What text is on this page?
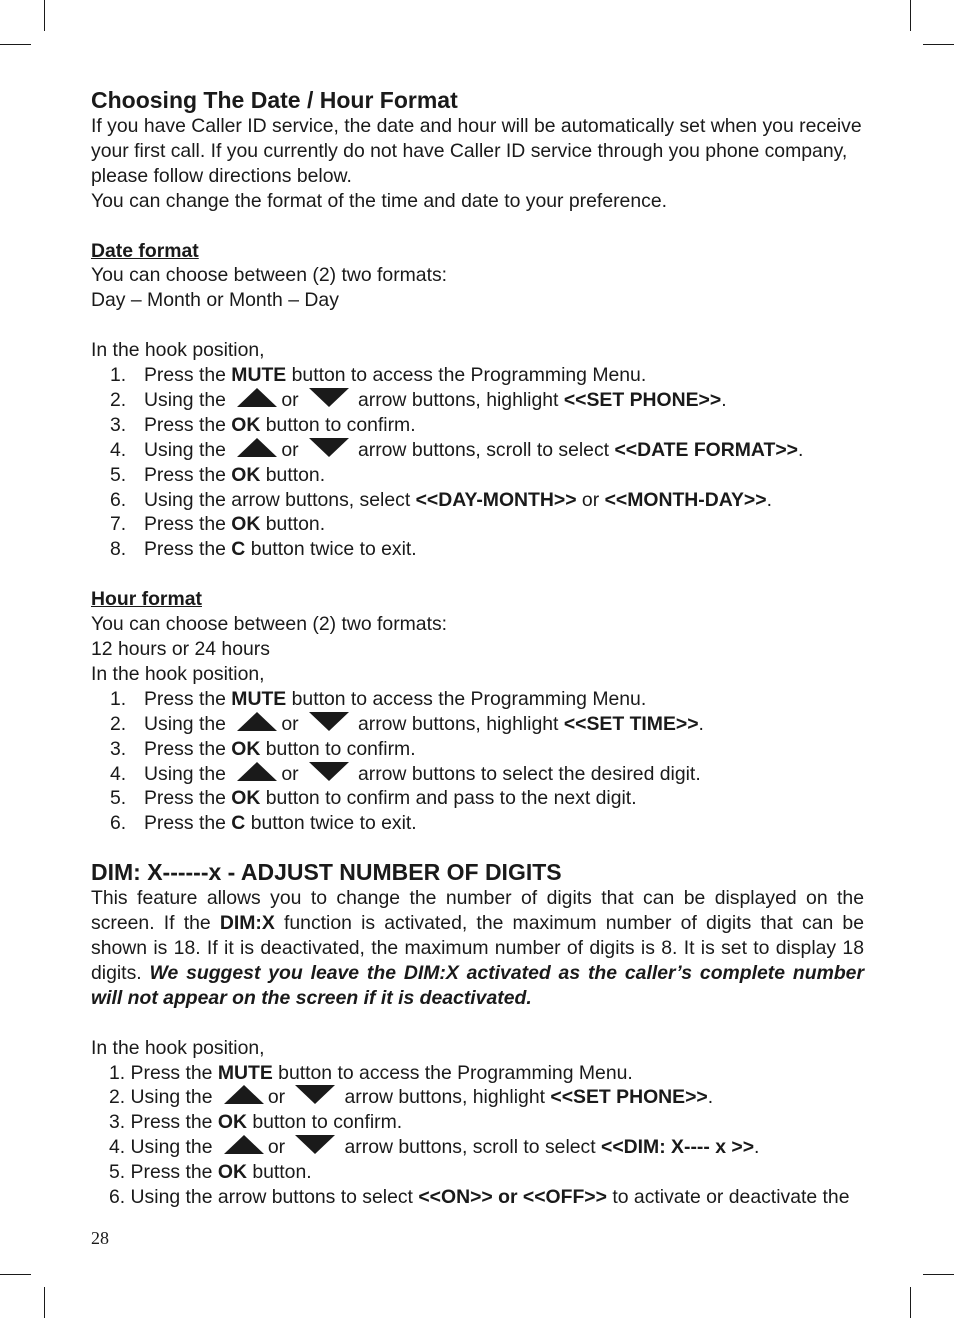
Choosing The Date / Hour Format

If you have Caller ID service, the date and hour will be automatically set when you receive your first call. If you currently do not have Caller ID service through you phone company, please follow directions below.

You can change the format of the time and date to your preference.

Date format
You can choose between (2) two formats:
Day – Month or Month – Day
In the hook position,
1. Press the MUTE button to access the Programming Menu.
2. Using the	or	arrow buttons, highlight <<SET PHONE>>.
3. Press the OK button to confirm.
4. Using the	or	arrow buttons, scroll to select <<DATE FORMAT>>.
5. Press the OK button.
6. Using the arrow buttons, select <<DAY-MONTH>> or <<MONTH-DAY>>.
7. Press the OK button.
8. Press the C button twice to exit.
Hour format
You can choose between (2) two formats:
12 hours or 24 hours
In the hook position,
1. Press the MUTE button to access the Programming Menu.
2. Using the	or	arrow buttons, highlight <<SET TIME>>.
3. Press the OK button to confirm.
4. Using the	or	arrow buttons to select the desired digit.
5. Press the OK button to confirm and pass to the next digit.
6. Press the C button twice to exit.
DIM: X------x - ADJUST NUMBER OF DIGITS

This feature allows you to change the number of digits that can be displayed on the screen. If the DIM:X function is activated, the maximum number of digits that can be shown is 18. If it is deactivated, the maximum number of digits is 8. It is set to display 18 digits. We suggest you leave the DIM:X activated as the caller’s complete number will not appear on the screen if it is deactivated.

In the hook position,
1. Press the MUTE button to access the Programming Menu.
2. Using the	or	arrow buttons, highlight <<SET PHONE>>.
3. Press the OK button to confirm.
4. Using the	or	arrow buttons, scroll to select <<DIM: X---- x >>.
5. Press the OK button.
6. Using the arrow buttons to select <<ON>> or <<OFF>> to activate or deactivate the
28
